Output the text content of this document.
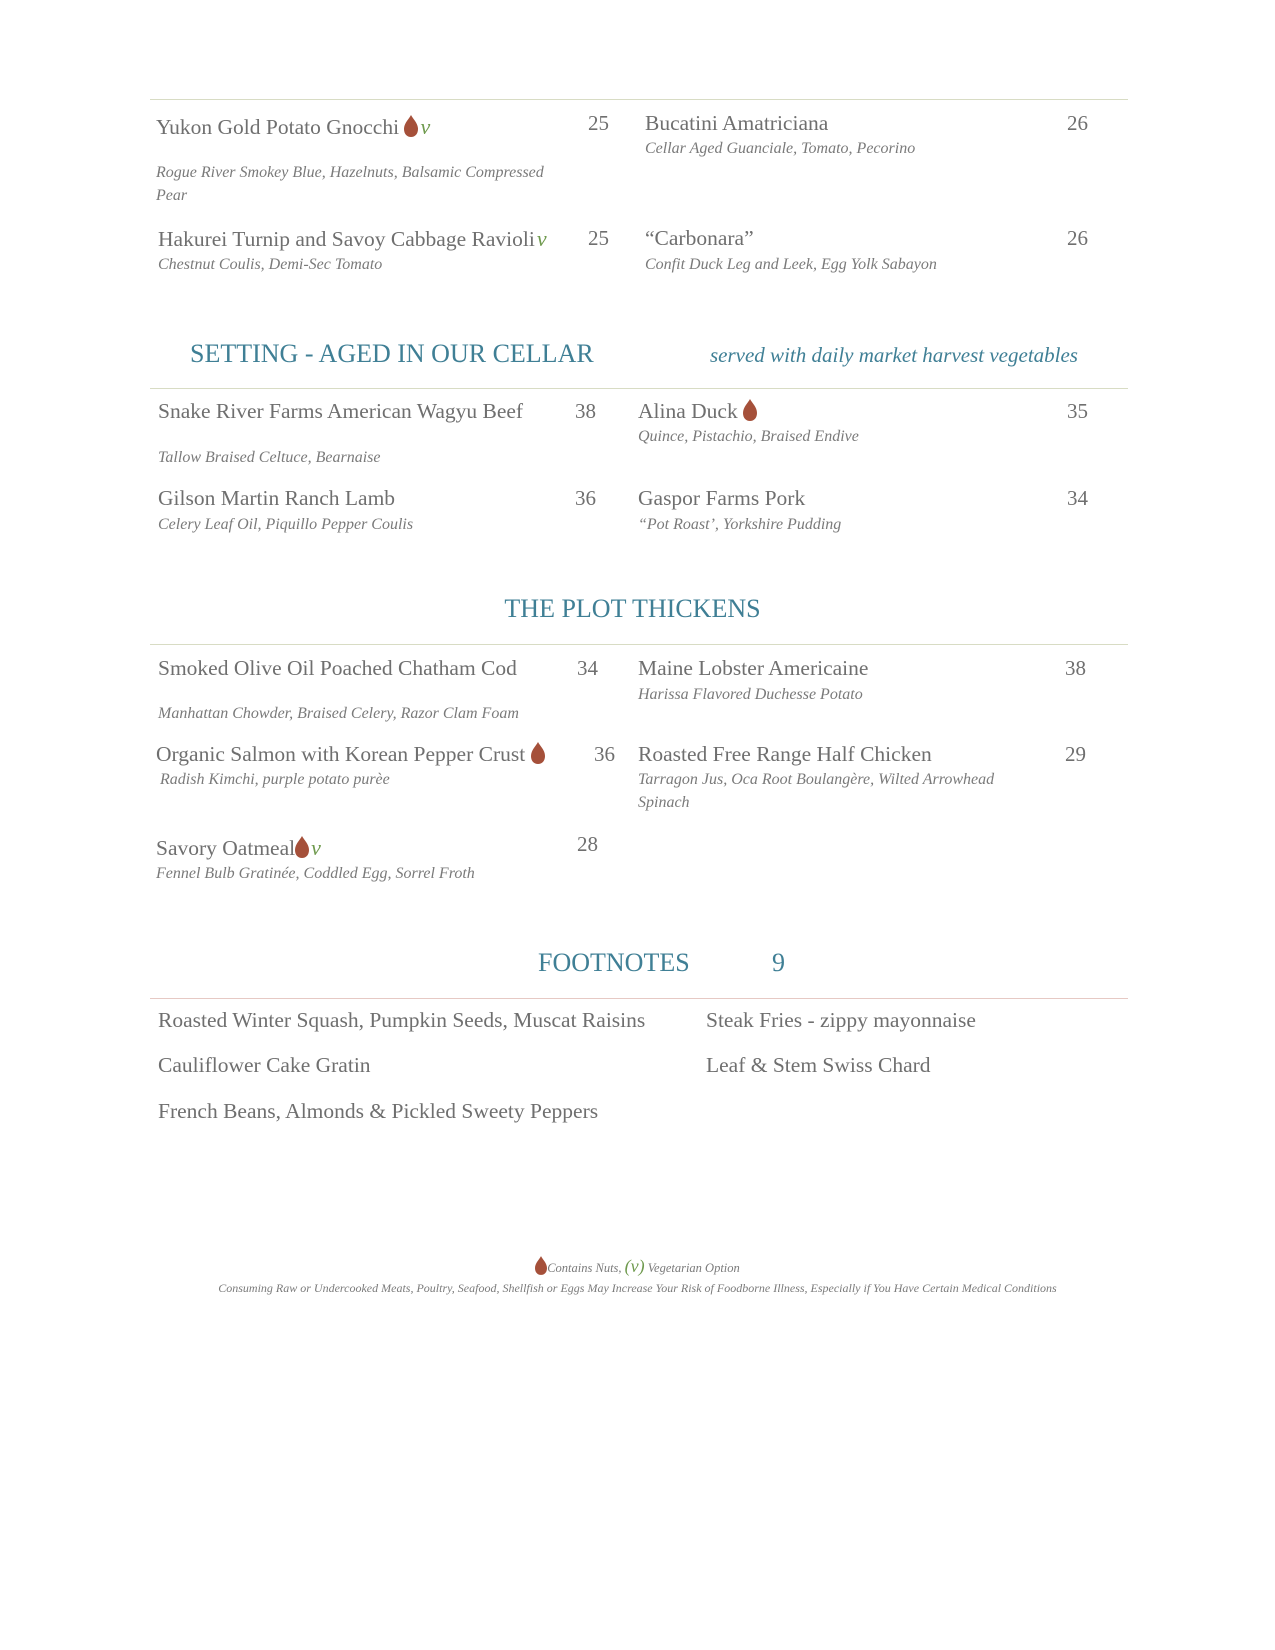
Yukon Gold Potato Gnocchi v	25
Rogue River Smokey Blue, Hazelnuts, Balsamic Compressed Pear
Bucatini Amatriciana	26
Cellar Aged Guanciale, Tomato, Pecorino
Hakurei Turnip and Savoy Cabbage Ravioliv 25
Chestnut Coulis, Demi-Sec Tomato
“Carbonara”	26
Confit Duck Leg and Leek, Egg Yolk Sabayon
SETTING - AGED IN OUR CELLAR	served with daily market harvest vegetables
Snake River Farms American Wagyu Beef 38
Tallow Braised Celtuce, Bearnaise
Alina Duck	35
Quince, Pistachio, Braised Endive
Gilson Martin Ranch Lamb	36
Celery Leaf Oil, Piquillo Pepper Coulis
Gaspor Farms Pork	34
“Pot Roast’, Yorkshire Pudding
THE PLOT THICKENS
Smoked Olive Oil Poached Chatham Cod	34
Manhattan Chowder, Braised Celery, Razor Clam Foam
Maine Lobster Americaine	38
Harissa Flavored Duchesse Potato
Organic Salmon with Korean Pepper Crust	36
Radish Kimchi, purple potato purèe
Roasted Free Range Half Chicken	29
Tarragon Jus, Oca Root Boulangère, Wilted Arrowhead Spinach
Savory Oatmeal v	28
Fennel Bulb Gratinée, Coddled Egg, Sorrel Froth
FOOTNOTES	9
Roasted Winter Squash, Pumpkin Seeds, Muscat Raisins	Steak Fries - zippy mayonnaise
Cauliflower Cake Gratin	Leaf & Stem Swiss Chard
French Beans, Almonds & Pickled Sweety Peppers
Contains Nuts, (v) Vegetarian Option
Consuming Raw or Undercooked Meats, Poultry, Seafood, Shellfish or Eggs May Increase Your Risk of Foodborne Illness, Especially if You Have Certain Medical Conditions
